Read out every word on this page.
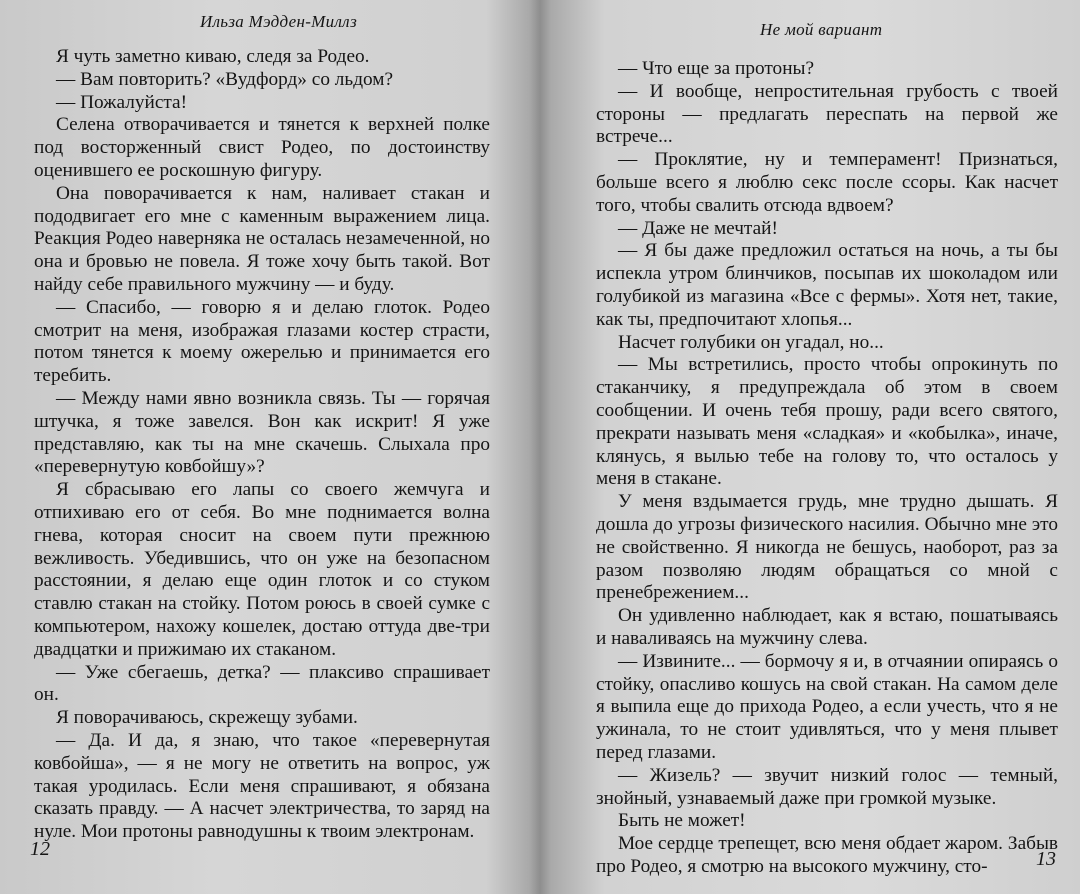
Ильза Мэдден-Миллз

Я чуть заметно киваю, следя за Родео.

— Вам повторить? «Вудфорд» со льдом?

— Пожалуйста!

Селена отворачивается и тянется к верхней полке под восторженный свист Родео, по достоинству оценившего ее роскошную фигуру.

Она поворачивается к нам, наливает стакан и пододвигает его мне с каменным выражением лица. Реакция Родео наверняка не осталась незамеченной, но она и бровью не повела. Я тоже хочу быть такой. Вот найду себе правильного мужчину — и буду.

— Спасибо, — говорю я и делаю глоток. Родео смотрит на меня, изображая глазами костер страсти, потом тянется к моему ожерелью и принимается его теребить.

— Между нами явно возникла связь. Ты — горячая штучка, я тоже завелся. Вон как искрит! Я уже представляю, как ты на мне скачешь. Слыхала про «перевернутую ковбойшу»?

Я сбрасываю его лапы со своего жемчуга и отпихиваю его от себя. Во мне поднимается волна гнева, которая сносит на своем пути прежнюю вежливость. Убедившись, что он уже на безопасном расстоянии, я делаю еще один глоток и со стуком ставлю стакан на стойку. Потом роюсь в своей сумке с компьютером, нахожу кошелек, достаю оттуда две-три двадцатки и прижимаю их стаканом.

— Уже сбегаешь, детка? — плаксиво спрашивает он.

Я поворачиваюсь, скрежещу зубами.

— Да. И да, я знаю, что такое «перевернутая ковбойша», — я не могу не ответить на вопрос, уж такая уродилась. Если меня спрашивают, я обязана сказать правду. — А насчет электричества, то заряд на нуле. Мои протоны равнодушны к твоим электронам.

12
Не мой вариант

— Что еще за протоны?

— И вообще, непростительная грубость с твоей стороны — предлагать переспать на первой же встрече...

— Проклятие, ну и темперамент! Признаться, больше всего я люблю секс после ссоры. Как насчет того, чтобы свалить отсюда вдвоем?

— Даже не мечтай!

— Я бы даже предложил остаться на ночь, а ты бы испекла утром блинчиков, посыпав их шоколадом или голубикой из магазина «Все с фермы». Хотя нет, такие, как ты, предпочитают хлопья...

Насчет голубики он угадал, но...

— Мы встретились, просто чтобы опрокинуть по стаканчику, я предупреждала об этом в своем сообщении. И очень тебя прошу, ради всего святого, прекрати называть меня «сладкая» и «кобылка», иначе, клянусь, я вылью тебе на голову то, что осталось у меня в стакане.

У меня вздымается грудь, мне трудно дышать. Я дошла до угрозы физического насилия. Обычно мне это не свойственно. Я никогда не бешусь, наоборот, раз за разом позволяю людям обращаться со мной с пренебрежением...

Он удивленно наблюдает, как я встаю, пошатываясь и наваливаясь на мужчину слева.

— Извините... — бормочу я и, в отчаянии опираясь о стойку, опасливо кошусь на свой стакан. На самом деле я выпила еще до прихода Родео, а если учесть, что я не ужинала, то не стоит удивляться, что у меня плывет перед глазами.

— Жизель? — звучит низкий голос — темный, знойный, узнаваемый даже при громкой музыке.

Быть не может!

Мое сердце трепещет, всю меня обдает жаром. Забыв про Родео, я смотрю на высокого мужчину, сто-	13
